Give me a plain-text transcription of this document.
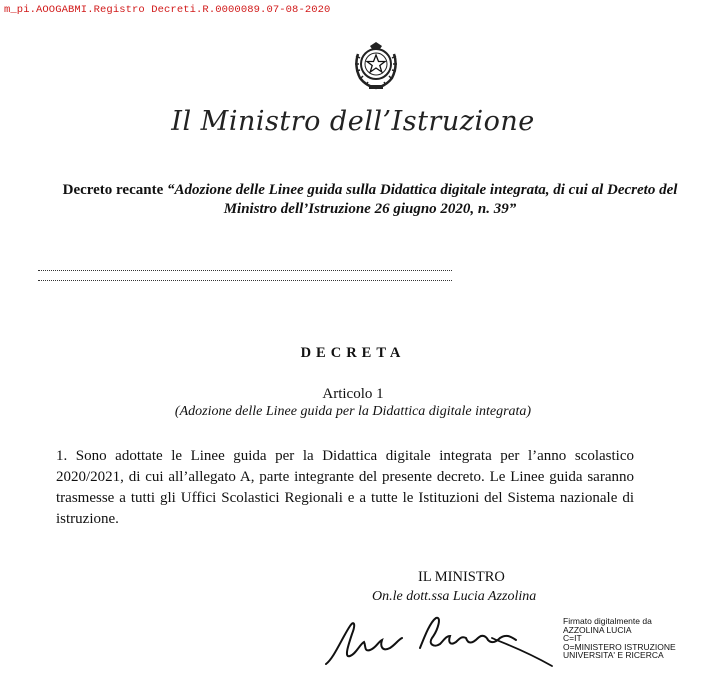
m_pi.AOOGABMI.Registro Decreti.R.0000089.07-08-2020
Il Ministro dell’Istruzione
Decreto recante “Adozione delle Linee guida sulla Didattica digitale integrata, di cui al Decreto del Ministro dell’Istruzione 26 giugno 2020, n. 39”
DECRETA
Articolo 1
(Adozione delle Linee guida per la Didattica digitale integrata)
1. Sono adottate le Linee guida per la Didattica digitale integrata per l’anno scolastico 2020/2021, di cui all’allegato A, parte integrante del presente decreto. Le Linee guida saranno trasmesse a tutti gli Uffici Scolastici Regionali e a tutte le Istituzioni del Sistema nazionale di istruzione.
IL MINISTRO
On.le dott.ssa Lucia Azzolina
Firmato digitalmente da
AZZOLINA LUCIA
C=IT
O=MINISTERO ISTRUZIONE
UNIVERSITA' E RICERCA
